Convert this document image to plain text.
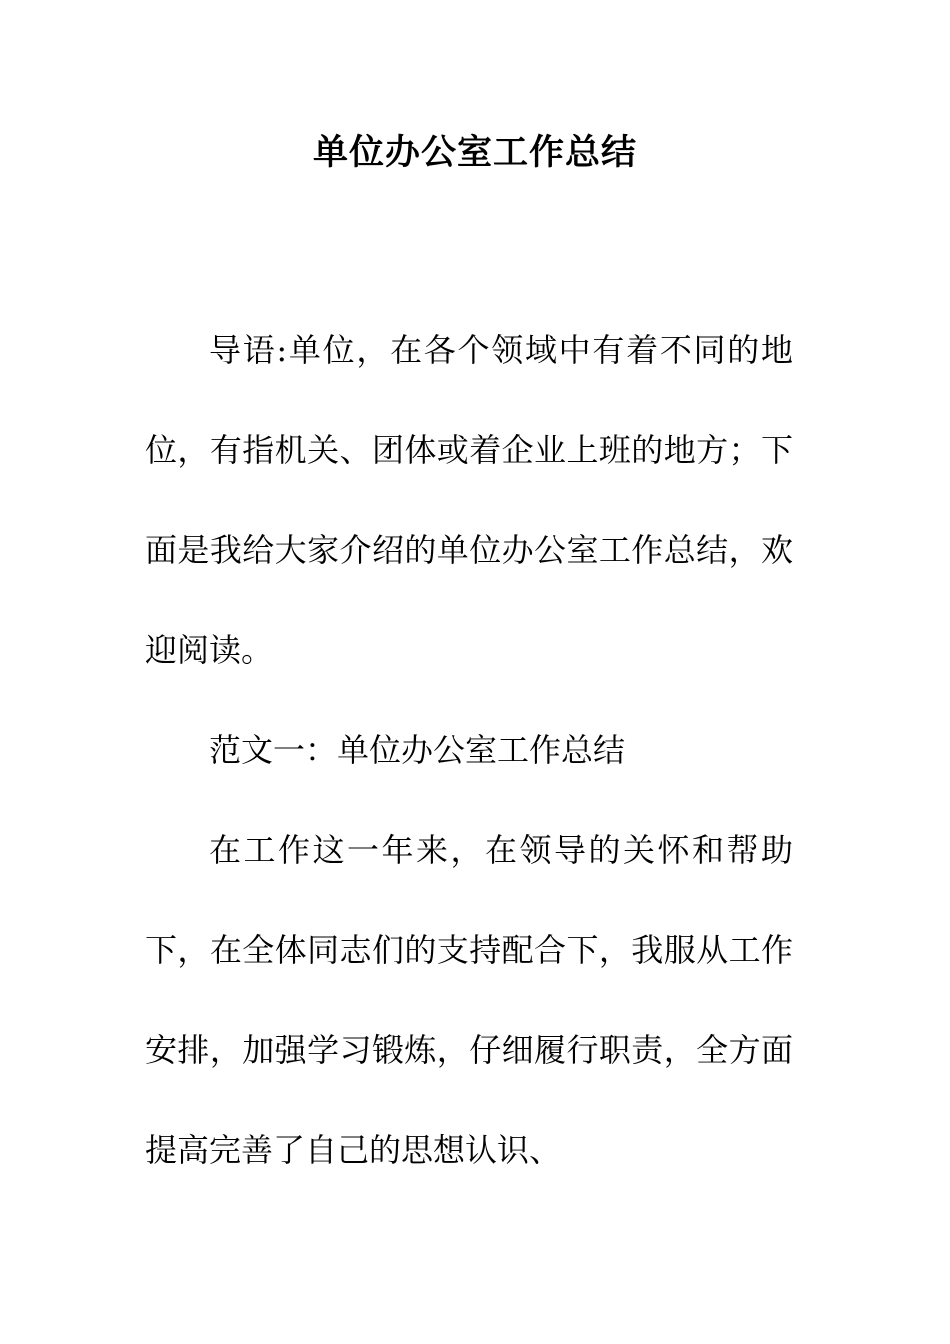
单位办公室工作总结

导语:单位，在各个领域中有着不同的地位，有指机关、团体或着企业上班的地方；下面是我给大家介绍的单位办公室工作总结，欢迎阅读。

范文一：单位办公室工作总结

在工作这一年来，在领导的关怀和帮助下，在全体同志们的支持配合下，我服从工作安排，加强学习锻炼，仔细履行职责，全方面提高完善了自己的思想认识、
